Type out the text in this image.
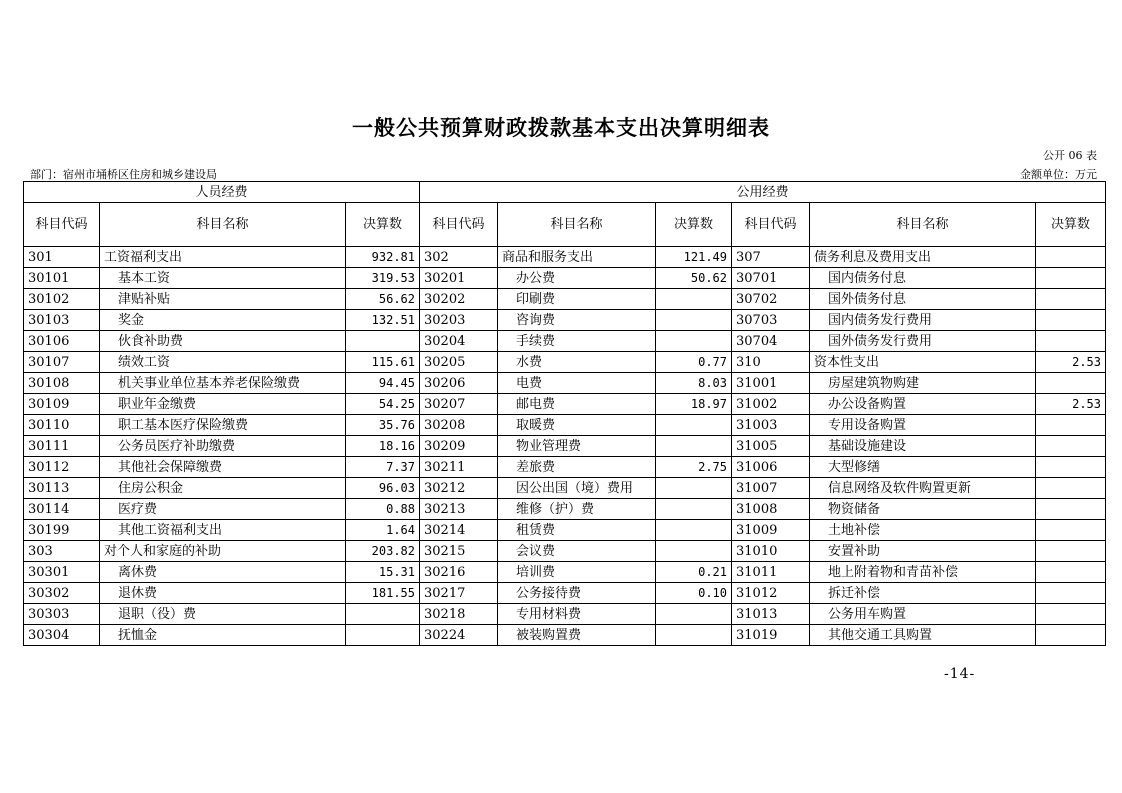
一般公共预算财政拨款基本支出决算明细表
公开 06 表
部门：宿州市埇桥区住房和城乡建设局	金额单位：万元
人员经费			公用经费					
科目代码	科目名称	决算数	科目代码	科目名称	决算数	科目代码	科目名称	决算数
301	工资福利支出	932.81	302	商品和服务支出	121.49	307	债务利息及费用支出	
30101	基本工资	319.53	30201	办公费	50.62	30701	国内债务付息	
30102	津贴补贴	56.62	30202	印刷费		30702	国外债务付息	
30103	奖金	132.51	30203	咨询费		30703	国内债务发行费用	
30106	伙食补助费		30204	手续费		30704	国外债务发行费用	
30107	绩效工资	115.61	30205	水费	0.77	310	资本性支出	2.53
30108	机关事业单位基本养老保险缴费	94.45	30206	电费	8.03	31001	房屋建筑物购建	
30109	职业年金缴费	54.25	30207	邮电费	18.97	31002	办公设备购置	2.53
30110	职工基本医疗保险缴费	35.76	30208	取暖费		31003	专用设备购置	
30111	公务员医疗补助缴费	18.16	30209	物业管理费		31005	基础设施建设	
30112	其他社会保障缴费	7.37	30211	差旅费	2.75	31006	大型修缮	
30113	住房公积金	96.03	30212	因公出国（境）费用		31007	信息网络及软件购置更新	
30114	医疗费	0.88	30213	维修（护）费		31008	物资储备	
30199	其他工资福利支出	1.64	30214	租赁费		31009	土地补偿	
303	对个人和家庭的补助	203.82	30215	会议费		31010	安置补助	
30301	离休费	15.31	30216	培训费	0.21	31011	地上附着物和青苗补偿	
30302	退休费	181.55	30217	公务接待费	0.10	31012	拆迁补偿	
30303	退职（役）费		30218	专用材料费		31013	公务用车购置	
30304	抚恤金		30224	被装购置费		31019	其他交通工具购置	
-14-
